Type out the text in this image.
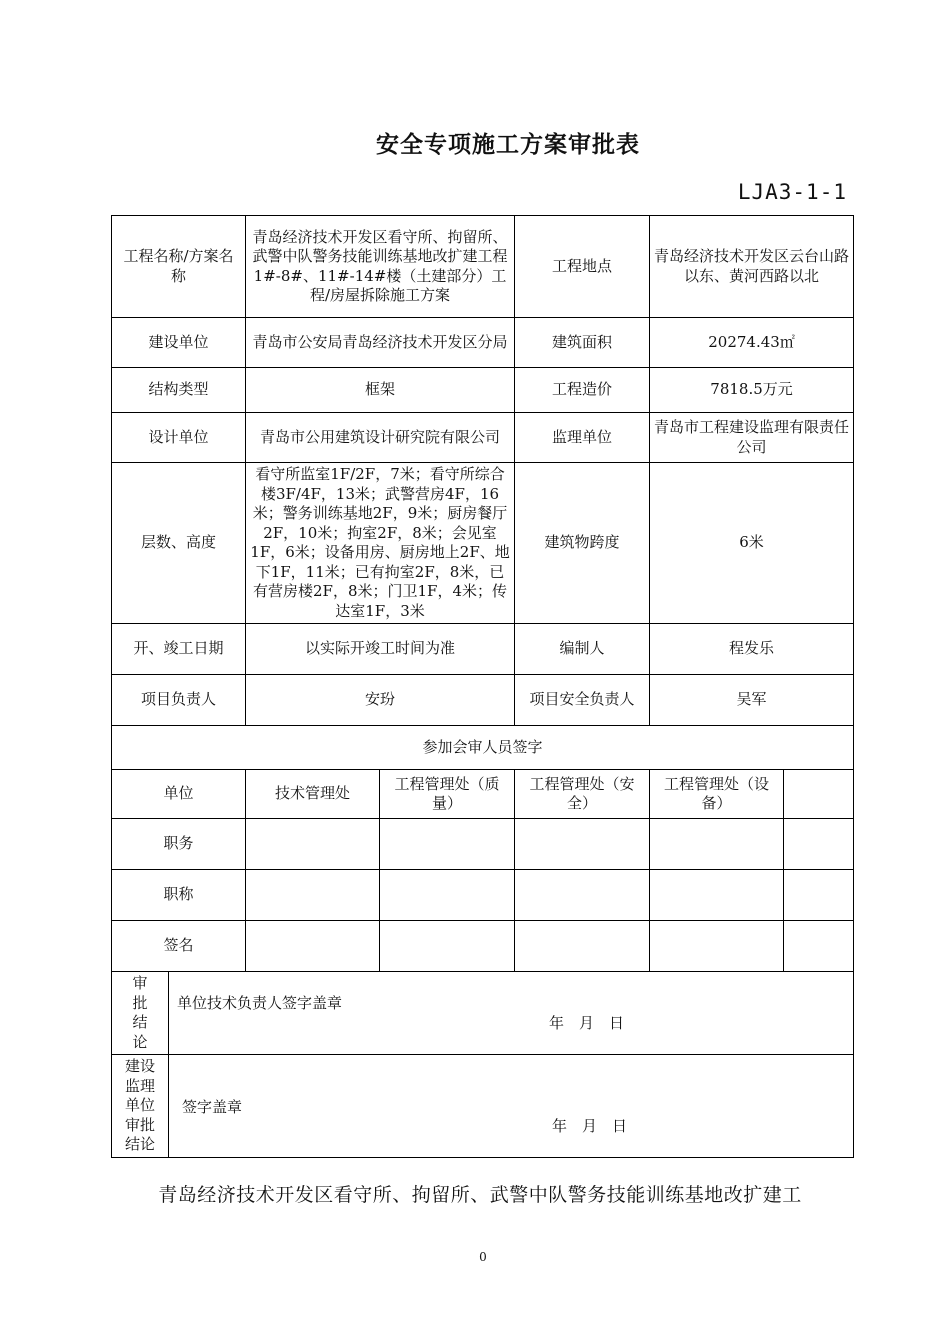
安全专项施工方案审批表
LJA3-1-1
工程名称/方案名称		青岛经济技术开发区看守所、拘留所、武警中队警务技能训练基地改扩建工程1#-8#、11#-14#楼（土建部分）工程/房屋拆除施工方案		工程地点	青岛经济技术开发区云台山路以东、黄河西路以北	
建设单位		青岛市公安局青岛经济技术开发区分局		建筑面积	20274.43㎡	
结构类型		框架		工程造价	7818.5万元	
设计单位		青岛市公用建筑设计研究院有限公司		监理单位	青岛市工程建设监理有限责任公司	
层数、高度		看守所监室1F/2F，7米；看守所综合楼3F/4F，13米；武警营房4F，16米；警务训练基地2F，9米；厨房餐厅2F，10米；拘室2F，8米；会见室1F，6米；设备用房、厨房地上2F、地下1F，11米；已有拘室2F，8米，已有营房楼2F，8米；门卫1F，4米；传达室1F，3米		建筑物跨度	6米	
开、竣工日期		以实际开竣工时间为准		编制人	程发乐	
项目负责人		安玢		项目安全负责人	吴军	
参加会审人员签字						
单位		技术管理处	工程管理处（质量）	工程管理处（安全）	工程管理处（设备）	
职务						
职称						
签名						

审批结论	单位技术负责人签字盖章
年　月　日					

建设监理单位审批结论	签字盖章
年　月　日					
青岛经济技术开发区看守所、拘留所、武警中队警务技能训练基地改扩建工
0
